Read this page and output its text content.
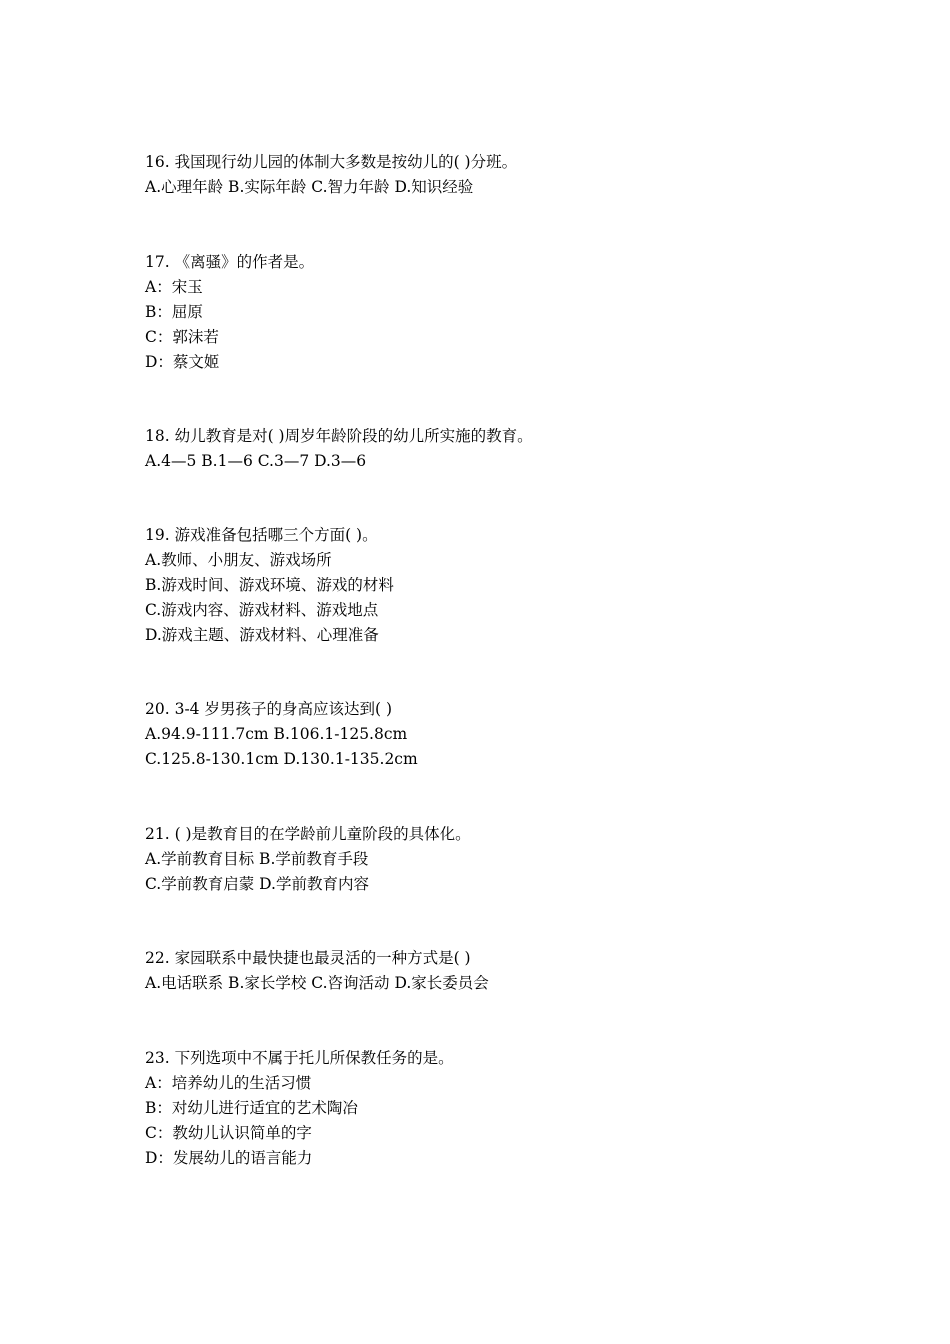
16. 我国现行幼儿园的体制大多数是按幼儿的( )分班。
A.心理年龄 B.实际年龄 C.智力年龄 D.知识经验
17. 《离骚》的作者是。
A：宋玉
B：屈原
C：郭沫若
D：蔡文姬
18. 幼儿教育是对( )周岁年龄阶段的幼儿所实施的教育。
A.4—5 B.1—6 C.3—7 D.3—6
19. 游戏准备包括哪三个方面( )。
A.教师、小朋友、游戏场所
B.游戏时间、游戏环境、游戏的材料
C.游戏内容、游戏材料、游戏地点
D.游戏主题、游戏材料、心理准备
20. 3-4 岁男孩子的身高应该达到( )
A.94.9-111.7cm B.106.1-125.8cm
C.125.8-130.1cm D.130.1-135.2cm
21. ( )是教育目的在学龄前儿童阶段的具体化。
A.学前教育目标 B.学前教育手段
C.学前教育启蒙 D.学前教育内容
22. 家园联系中最快捷也最灵活的一种方式是( )
A.电话联系 B.家长学校 C.咨询活动 D.家长委员会
23. 下列选项中不属于托儿所保教任务的是。
A：培养幼儿的生活习惯
B：对幼儿进行适宜的艺术陶冶
C：教幼儿认识简单的字
D：发展幼儿的语言能力
